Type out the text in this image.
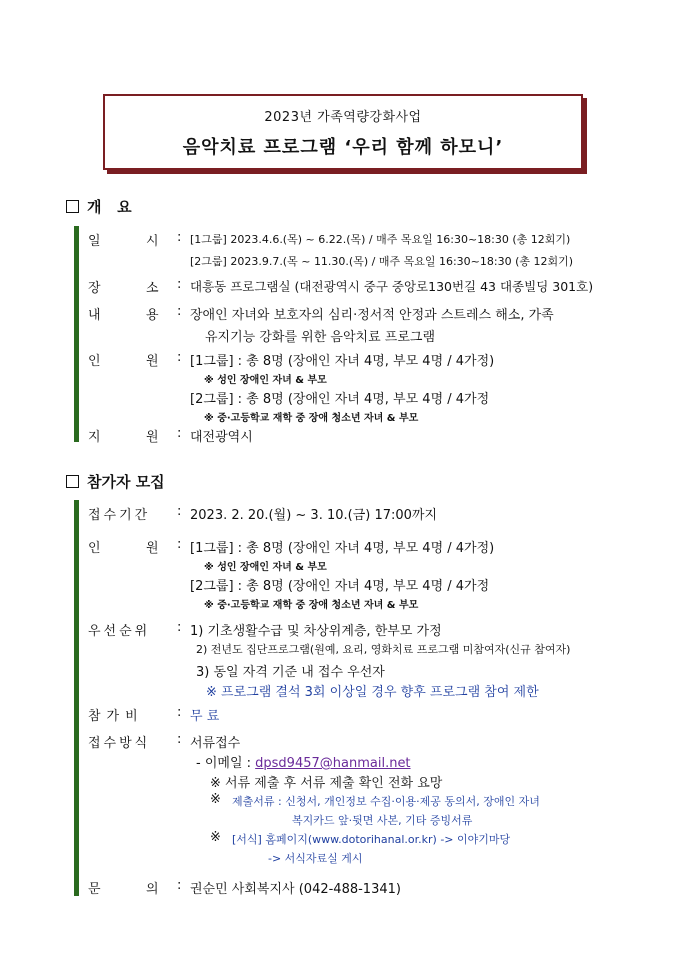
2023년 가족역량강화사업
음악치료 프로그램 ‘우리 함께 하모니’
개   요
일	시 : [1그룹] 2023.4.6.(목) ~ 6.22.(목) / 매주 목요일 16:30~18:30 (총 12회기)
[2그룹] 2023.9.7.(목 ~ 11.30.(목) / 매주 목요일 16:30~18:30 (총 12회기)
장	소 : 대흥동 프로그램실 (대전광역시 중구 중앙로130번길 43 대종빌딩 301호)
내	용 : 장애인 자녀와 보호자의 심리·정서적 안정과 스트레스 해소, 가족
유지기능 강화를 위한 음악치료 프로그램
인	원 : [1그룹] : 총 8명 (장애인 자녀 4명, 부모 4명 / 4가정)
※ 성인 장애인 자녀 & 부모
[2그룹] : 총 8명 (장애인 자녀 4명, 부모 4명 / 4가정
※ 중·고등학교 재학 중 장애 청소년 자녀 & 부모
지	원 : 대전광역시
참가자 모집
접수기간 : 2023. 2. 20.(월) ~ 3. 10.(금) 17:00까지
인	원 : [1그룹] : 총 8명 (장애인 자녀 4명, 부모 4명 / 4가정)
※ 성인 장애인 자녀 & 부모
[2그룹] : 총 8명 (장애인 자녀 4명, 부모 4명 / 4가정
※ 중·고등학교 재학 중 장애 청소년 자녀 & 부모
우선순위 : 1) 기초생활수급 및 차상위계층, 한부모 가정
2) 전년도 집단프로그램(원예, 요리, 영화치료 프로그램 미참여자(신규 참여자)
3) 동일 자격 기준 내 접수 우선자
※ 프로그램 결석 3회 이상일 경우 향후 프로그램 참여 제한
참가비	: 무 료
접수방식 : 서류접수
- 이메일 : dpsd9457@hanmail.net
※ 서류 제출 후 서류 제출 확인 전화 요망
※ 제출서류 : 신청서, 개인정보 수집·이용·제공 동의서, 장애인 자녀
복지카드 앞·뒷면 사본, 기타 증빙서류
※ [서식] 홈페이지(www.dotorihanal.or.kr) -> 이야기마당
-> 서식자료실 게시
문	의 : 권순민 사회복지사 (042-488-1341)
